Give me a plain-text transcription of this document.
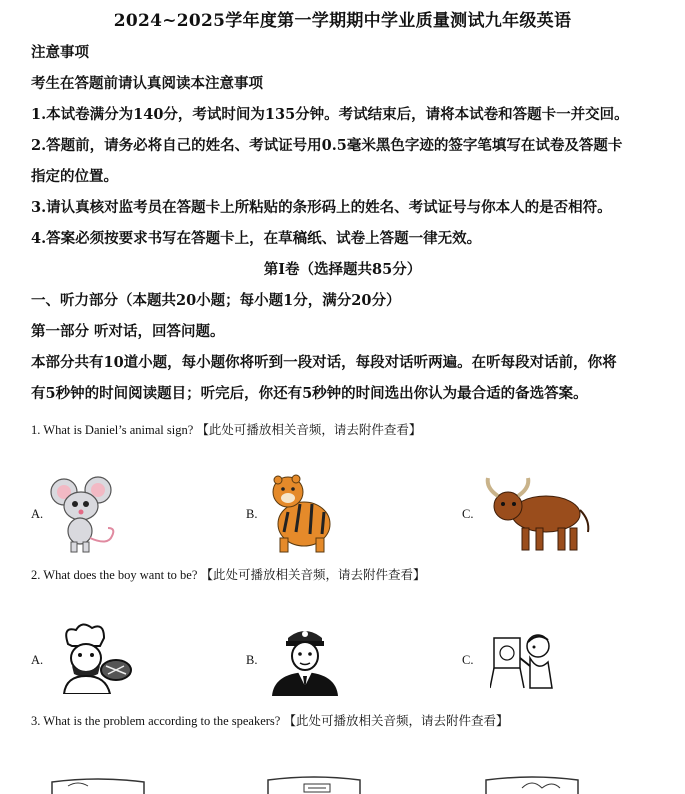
2024~2025学年度第一学期期中学业质量测试九年级英语
注意事项
考生在答题前请认真阅读本注意事项
1.本试卷满分为140分，考试时间为135分钟。考试结束后，请将本试卷和答题卡一并交回。
2.答题前，请务必将自己的姓名、考试证号用0.5毫米黑色字迹的签字笔填写在试卷及答题卡
指定的位置。
3.请认真核对监考员在答题卡上所粘贴的条形码上的姓名、考试证号与你本人的是否相符。
4.答案必须按要求书写在答题卡上，在草稿纸、试卷上答题一律无效。
第Ⅰ卷（选择题共85分）
一、听力部分（本题共20小题；每小题1分，满分20分）
第一部分 听对话，回答问题。
本部分共有10道小题，每小题你将听到一段对话，每段对话听两遍。在听每段对话前，你将
有5秒钟的时间阅读题目；听完后，你还有5秒钟的时间选出你认为最合适的备选答案。
1. What is Daniel’s animal sign? 【此处可播放相关音频，请去附件查看】
A.	B.	C.
2. What does the boy want to be? 【此处可播放相关音频，请去附件查看】
A.	B.	C.
3. What is the problem according to the speakers? 【此处可播放相关音频，请去附件查看】
